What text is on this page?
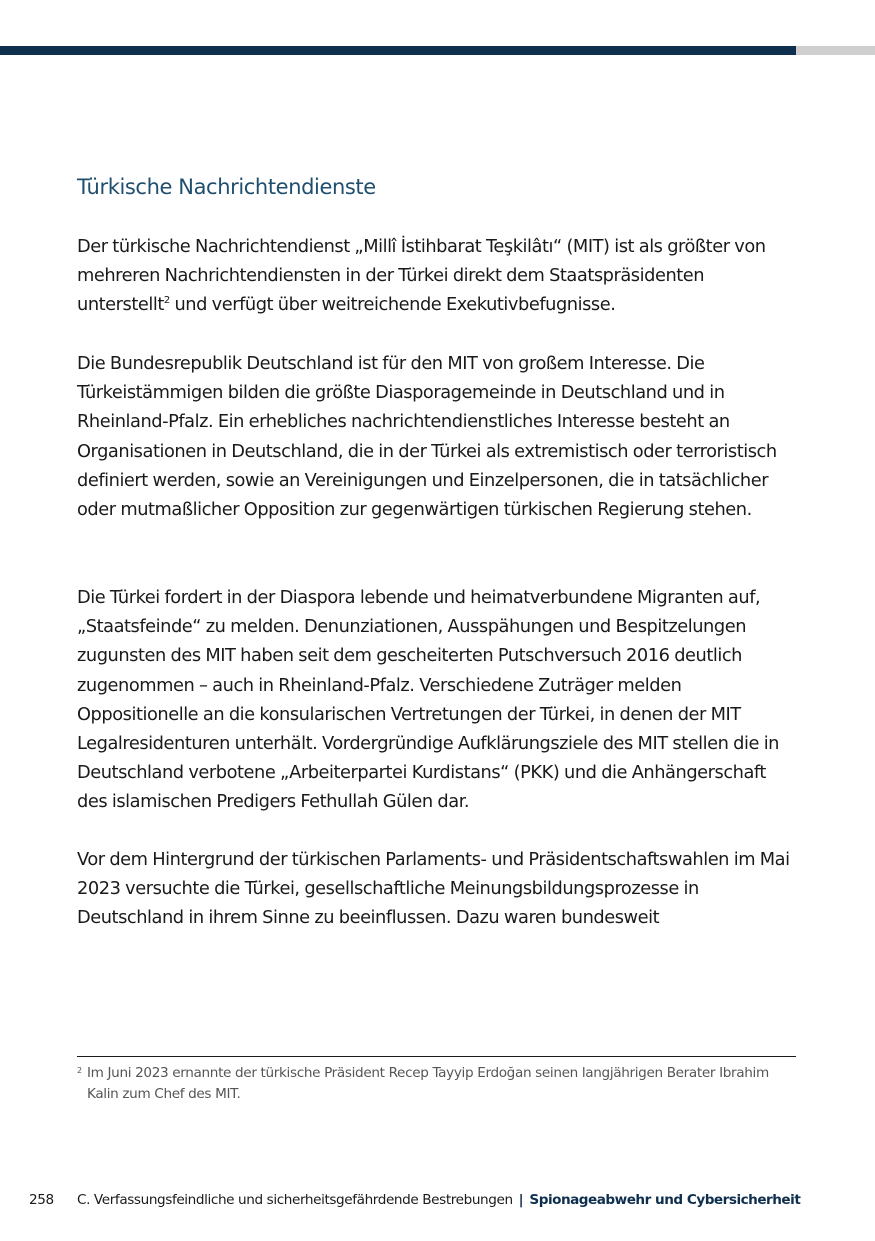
Türkische Nachrichtendienste

Der türkische Nachrichtendienst „Millî İstihbarat Teşkilâtı“ (MIT) ist als größter von mehreren Nachrichtendiensten in der Türkei direkt dem Staatspräsidenten unterstellt$^2$ und verfügt über weitreichende Exekutivbefugnisse.

Die Bundesrepublik Deutschland ist für den MIT von großem Interesse. Die Türkeistämmigen bilden die größte Diasporagemeinde in Deutschland und in Rheinland-Pfalz. Ein erhebliches nachrichtendienstliches Interesse besteht an Organisationen in Deutschland, die in der Türkei als extremistisch oder terroristisch definiert werden, sowie an Vereinigungen und Einzelpersonen, die in tatsächlicher oder mutmaßlicher Opposition zur gegenwärtigen türkischen Regierung stehen.

Die Türkei fordert in der Diaspora lebende und heimatverbundene Migranten auf, „Staatsfeinde“ zu melden. Denunziationen, Ausspähungen und Bespitzelungen zugunsten des MIT haben seit dem gescheiterten Putschversuch 2016 deutlich zugenommen – auch in Rheinland-Pfalz. Verschiedene Zuträger melden Oppositionelle an die konsularischen Vertretungen der Türkei, in denen der MIT Legalresidenturen unterhält. Vordergründige Aufklärungsziele des MIT stellen die in Deutschland verbotene „Arbeiterpartei Kurdistans“ (PKK) und die Anhängerschaft des islamischen Predigers Fethullah Gülen dar.

Vor dem Hintergrund der türkischen Parlaments- und Präsidentschaftswahlen im Mai 2023 versuchte die Türkei, gesellschaftliche Meinungsbildungsprozesse in Deutschland in ihrem Sinne zu beeinflussen. Dazu waren bundesweit

2 Im Juni 2023 ernannte der türkische Präsident Recep Tayyip Erdoğan seinen langjährigen Berater Ibrahim Kalin zum Chef des MIT.

258 C. Verfassungsfeindliche und sicherheitsgefährdende Bestrebungen | Spionageabwehr und Cybersicherheit
